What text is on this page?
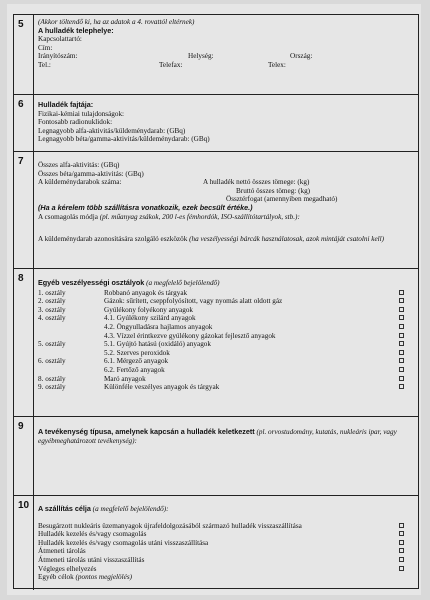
5	(Akkor töltendő ki, ha az adatok a 4. rovattól eltérnek)
A hulladék telephelye:
Kapcsolattartó:
Cím:
Irányítószám:	Helység:	Ország:
Tel.:	Telefax:	Telex:
6	Hulladék fajtája:
Fizikai-kémiai tulajdonságok:
Fontosabb radionuklidok:
Legnagyobb alfa-aktivitás/küldeménydarab: (GBq)
Legnagyobb béta/gamma-aktivitás/küldeménydarab: (GBq)
7	Összes alfa-aktivitás: (GBq)
Összes béta/gamma-aktivitás: (GBq)
A küldeménydarabok száma:	A hulladék nettó összes tömege: (kg)
Bruttó összes tömeg: (kg)
Össztérfogat (amennyiben megadható)
(Ha a kérelem több szállításra vonatkozik, ezek becsült értéke.)
A csomagolás módja (pl. műanyag zsákok, 200 l-es fémhordók, ISO-szállítótartályok, stb.):
A küldeménydarab azonosítására szolgáló eszközök (ha veszélyességi bárcák használatosak, azok mintáját csatolni kell)
8	Egyéb veszélyességi osztályok (a megfelelő bejelölendő)
1. osztály	Robbanó anyagok és tárgyak
2. osztály	Gázok: sűrített, cseppfolyósított, vagy nyomás alatt oldott gáz
3. osztály	Gyúlékony folyékony anyagok
4. osztály	4.1. Gyúlékony szilárd anyagok
4.2. Öngyulladásra hajlamos anyagok
4.3. Vízzel érintkezve gyúlékony gázokat fejlesztő anyagok
5. osztály	5.1. Gyújtó hatású (oxidáló) anyagok
5.2. Szerves peroxidok
6. osztály	6.1. Mérgező anyagok
6.2. Fertőző anyagok
8. osztály	Maró anyagok
9. osztály	Különféle veszélyes anyagok és tárgyak
9	A tevékenység típusa, amelynek kapcsán a hulladék keletkezett (pl. orvostudomány, kutatás, nukleáris ipar, vagy egyébmeghatározott tevékenység):
10	A szállítás célja (a megfelelő bejelölendő):
Besugárzott nukleáris üzemanyagok újrafeldolgozásából származó hulladék visszaszállítása
Hulladék kezelés és/vagy csomagolás
Hulladék kezelés és/vagy csomagolás utáni visszaszállítása
Átmeneti tárolás
Átmeneti tárolás utáni visszaszállítás
Végleges elhelyezés
Egyéb célok (pontos megjelölés)
